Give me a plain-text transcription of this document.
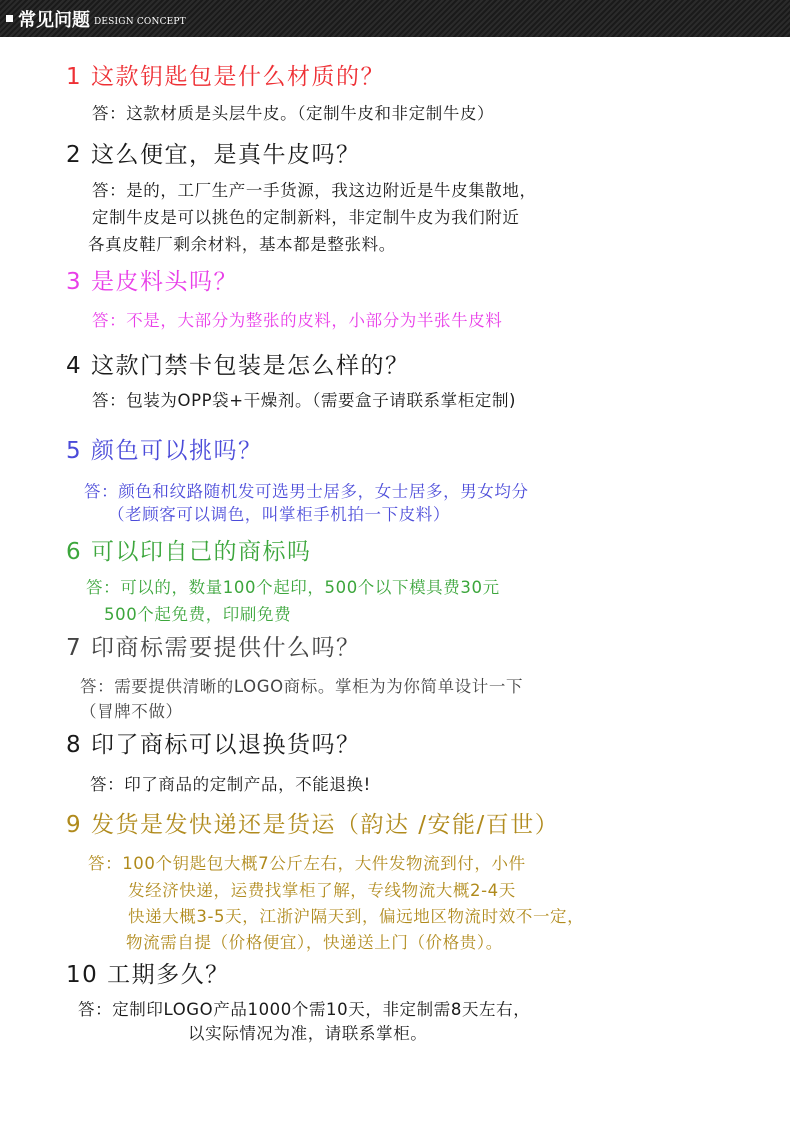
常见问题 DESIGN CONCEPT
1 这款钥匙包是什么材质的？
答：这款材质是头层牛皮。（定制牛皮和非定制牛皮）
2 这么便宜，是真牛皮吗？
答：是的，工厂生产一手货源，我这边附近是牛皮集散地，
定制牛皮是可以挑色的定制新料，非定制牛皮为我们附近
各真皮鞋厂剩余材料，基本都是整张料。
3 是皮料头吗？
答：不是，大部分为整张的皮料，小部分为半张牛皮料
4 这款门禁卡包装是怎么样的？
答：包装为OPP袋+干燥剂。（需要盒子请联系掌柜定制)
5 颜色可以挑吗？
答：颜色和纹路随机发可选男士居多，女士居多，男女均分
（老顾客可以调色，叫掌柜手机拍一下皮料）
6 可以印自己的商标吗
答：可以的，数量100个起印，500个以下模具费30元
500个起免费，印刷免费
7 印商标需要提供什么吗？
答：需要提供清晰的LOGO商标。掌柜为为你简单设计一下
（冒牌不做）
8 印了商标可以退换货吗？
答：印了商品的定制产品，不能退换!
9 发货是发快递还是货运（韵达 /安能/百世）
答：100个钥匙包大概7公斤左右，大件发物流到付，小件
发经济快递，运费找掌柜了解，专线物流大概2-4天
快递大概3-5天，江浙沪隔天到，偏远地区物流时效不一定，
物流需自提（价格便宜），快递送上门（价格贵）。
10 工期多久？
答：定制印LOGO产品1000个需10天，非定制需8天左右，
以实际情况为准，请联系掌柜。
